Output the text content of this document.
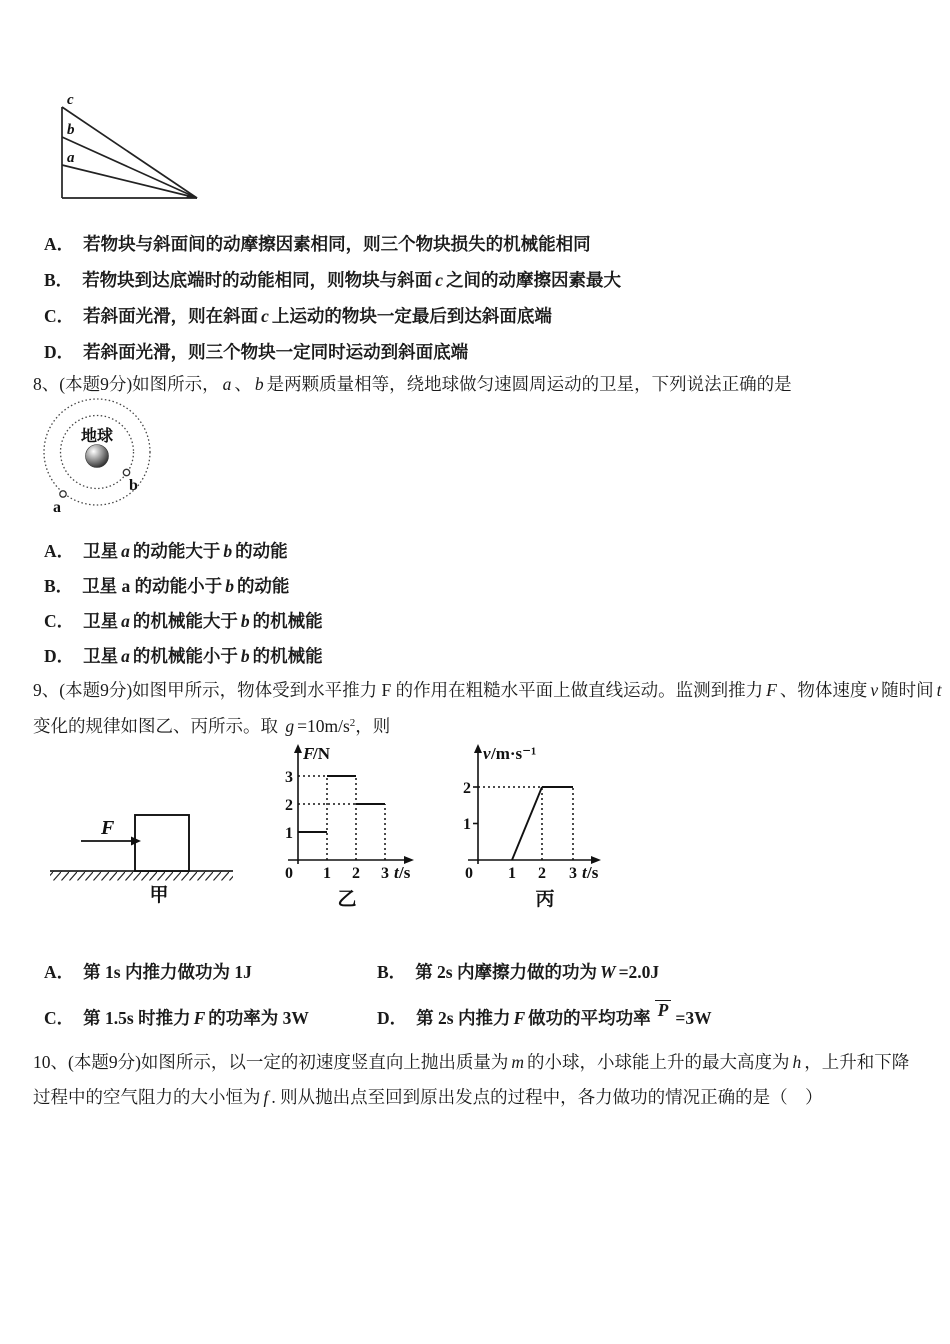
c
b
a
A． 若物块与斜面间的动摩擦因素相同，则三个物块损失的机械能相同
B． 若物块到达底端时的动能相同，则物块与斜面 c 之间的动摩擦因素最大
C． 若斜面光滑，则在斜面 c 上运动的物块一定最后到达斜面底端
D． 若斜面光滑，则三个物块一定同时运动到斜面底端
8、(本题9分)如图所示， a 、 b 是两颗质量相等，绕地球做匀速圆周运动的卫星，下列说法正确的是
地球
b
a
A． 卫星 a 的动能大于 b 的动能
B． 卫星 a 的动能小于 b 的动能
C． 卫星 a 的机械能大于 b 的机械能
D． 卫星 a 的机械能小于 b 的机械能
9、(本题9分)如图甲所示，物体受到水平推力 F 的作用在粗糙水平面上做直线运动。监测到推力 F 、物体速度 v 随时间 t
变化的规律如图乙、丙所示。取 $g =10m/s^2$，则
F
甲
F
/N
3
2
1
0 1 2 3 t /s
乙
v /m·s⁻¹
2
1
0 1 2 3 t /s
丙
A． 第 1s 内推力做功为 1J	B． 第 2s 内摩擦力做的功为 W =2.0J
C． 第 1.5s 时推力 F 的功率为 3W	D． 第 2s 内推力 F 做功的平均功率 P =3W
10、(本题9分)如图所示，以一定的初速度竖直向上抛出质量为 m 的小球，小球能上升的最大高度为 h ，上升和下降
过程中的空气阻力的大小恒为 f . 则从抛出点至回到原出发点的过程中，各力做功的情况正确的是（　）
